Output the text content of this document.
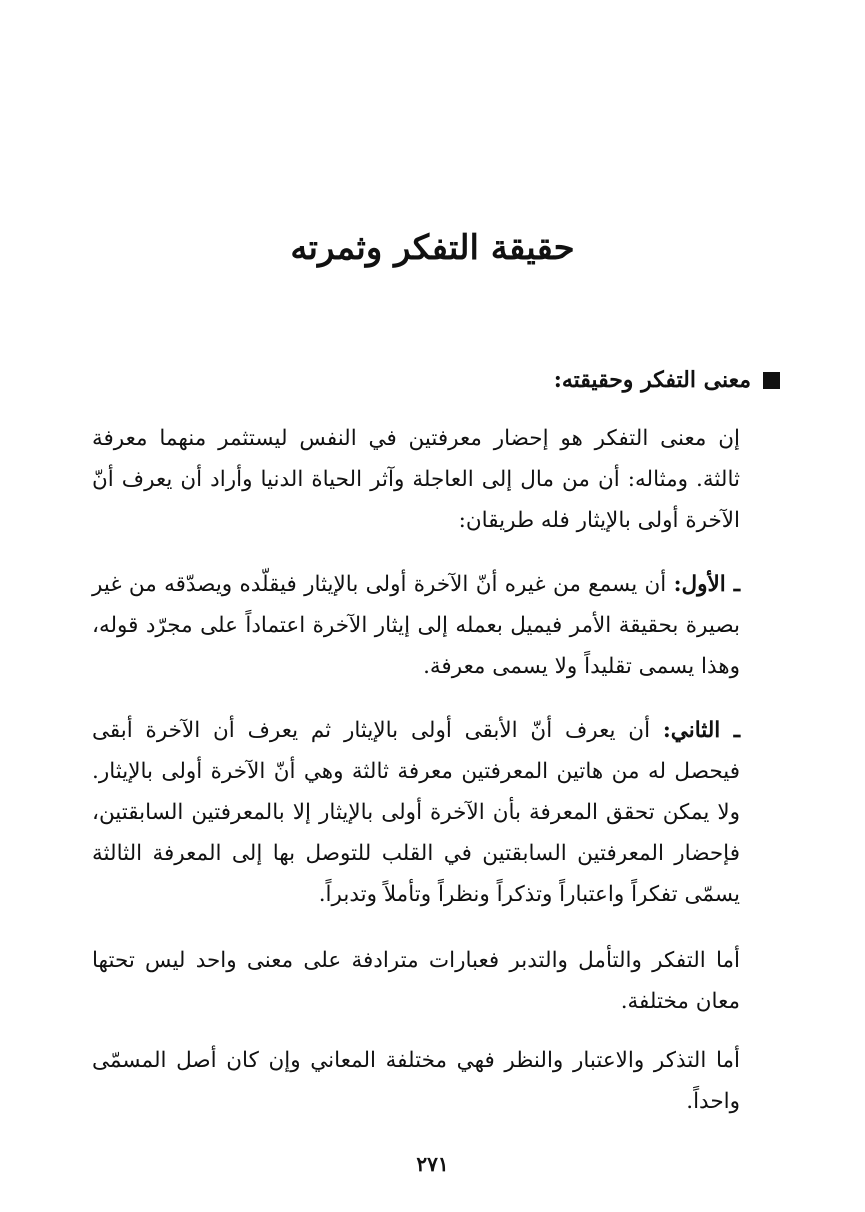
حقيقة التفكر وثمرته
معنى التفكر وحقيقته:
إن معنى التفكر هو إحضار معرفتين في النفس ليستثمر منهما معرفة ثالثة. ومثاله: أن من مال إلى العاجلة وآثر الحياة الدنيا وأراد أن يعرف أنّ الآخرة أولى بالإيثار فله طريقان:
ـ الأول: أن يسمع من غيره أنّ الآخرة أولى بالإيثار فيقلّده ويصدّقه من غير بصيرة بحقيقة الأمر فيميل بعمله إلى إيثار الآخرة اعتماداً على مجرّد قوله، وهذا يسمى تقليداً ولا يسمى معرفة.
ـ الثاني: أن يعرف أنّ الأبقى أولى بالإيثار ثم يعرف أن الآخرة أبقى فيحصل له من هاتين المعرفتين معرفة ثالثة وهي أنّ الآخرة أولى بالإيثار. ولا يمكن تحقق المعرفة بأن الآخرة أولى بالإيثار إلا بالمعرفتين السابقتين، فإحضار المعرفتين السابقتين في القلب للتوصل بها إلى المعرفة الثالثة يسمّى تفكراً واعتباراً وتذكراً ونظراً وتأملاً وتدبراً.
أما التفكر والتأمل والتدبر فعبارات مترادفة على معنى واحد ليس تحتها معان مختلفة.
أما التذكر والاعتبار والنظر فهي مختلفة المعاني وإن كان أصل المسمّى واحداً.
٢٧١
